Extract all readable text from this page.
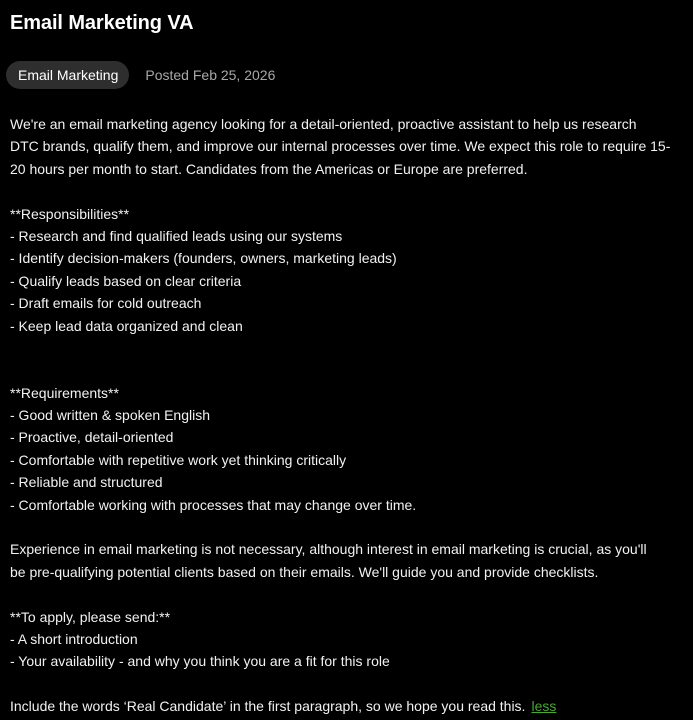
Email Marketing VA
Email Marketing	Posted Feb 25, 2026
We're an email marketing agency looking for a detail-oriented, proactive assistant to help us research
DTC brands, qualify them, and improve our internal processes over time. We expect this role to require 15-
20 hours per month to start. Candidates from the Americas or Europe are preferred.
**Responsibilities**
- Research and find qualified leads using our systems
- Identify decision-makers (founders, owners, marketing leads)
- Qualify leads based on clear criteria
- Draft emails for cold outreach
- Keep lead data organized and clean
**Requirements**
- Good written & spoken English
- Proactive, detail-oriented
- Comfortable with repetitive work yet thinking critically
- Reliable and structured
- Comfortable working with processes that may change over time.
Experience in email marketing is not necessary, although interest in email marketing is crucial, as you'll
be pre-qualifying potential clients based on their emails. We'll guide you and provide checklists.
**To apply, please send:**
- A short introduction
- Your availability - and why you think you are a fit for this role
Include the words ‘Real Candidate’ in the first paragraph, so we hope you read this. less
